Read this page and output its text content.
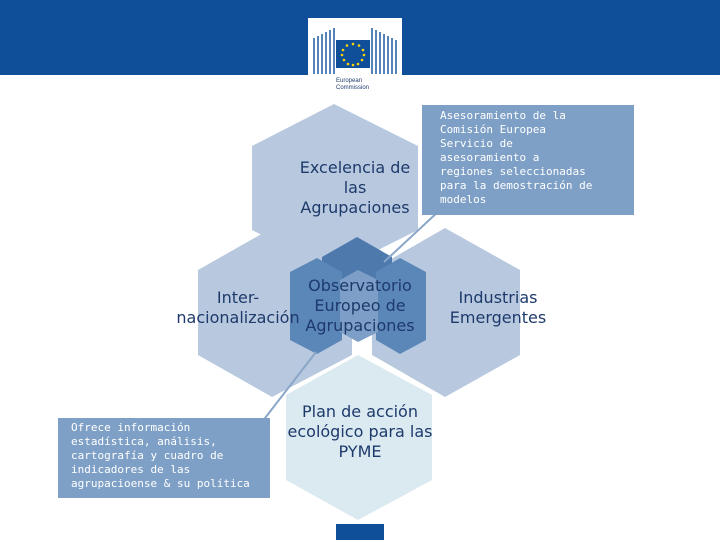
European
Commission
Excelencia de
las
Agrupaciones
Inter-
nacionalización
Observatorio
Europeo de
Agrupaciones
Industrias
Emergentes
Plan de acción
ecológico para las
PYME
Asesoramiento de la
Comisión Europea
Servicio de
asesoramiento a
regiones seleccionadas
para la demostración de
modelos
Ofrece información
estadística, análisis,
cartografía y cuadro de
indicadores de las
agrupacioense & su política
